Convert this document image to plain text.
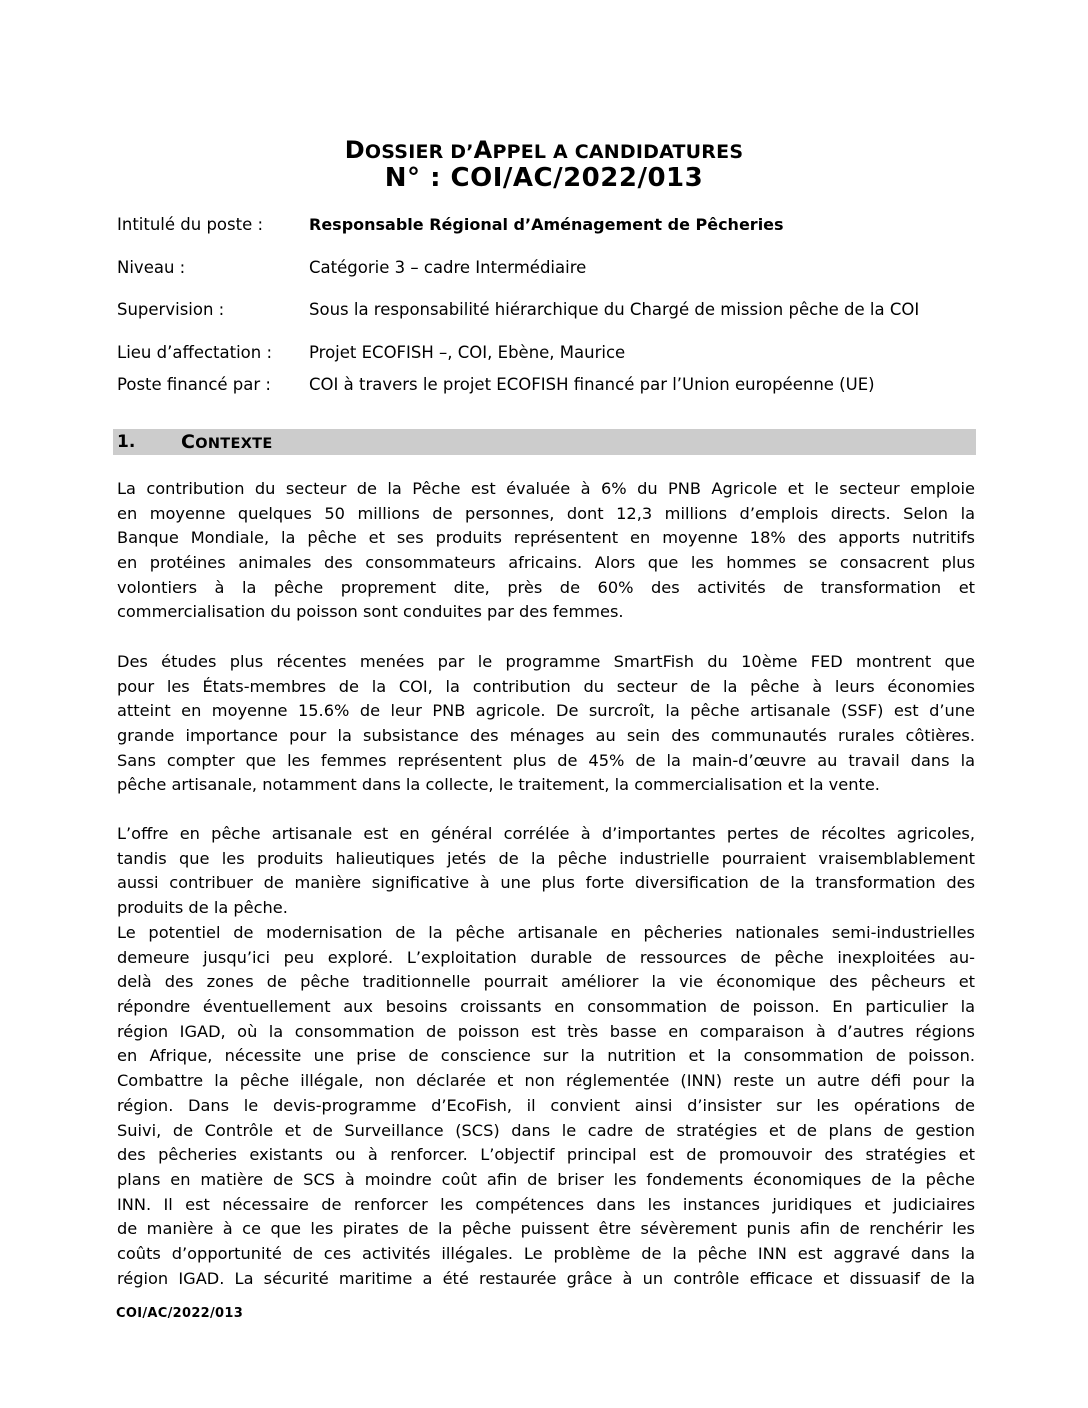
DOSSIER D’APPEL A CANDIDATURES
N° : COI/AC/2022/013
Intitulé du poste :	Responsable Régional d’Aménagement de Pêcheries
Niveau :	Catégorie 3 – cadre Intermédiaire
Supervision :	Sous la responsabilité hiérarchique du Chargé de mission pêche de la COI
Lieu d’affectation : Projet ECOFISH –, COI, Ebène, Maurice
Poste financé par : COI à travers le projet ECOFISH financé par l’Union européenne (UE)
1. CONTEXTE
La contribution du secteur de la Pêche est évaluée à 6% du PNB Agricole et le secteur emploie
en moyenne quelques 50 millions de personnes, dont 12,3 millions d’emplois directs. Selon la
Banque Mondiale, la pêche et ses produits représentent en moyenne 18% des apports nutritifs
en protéines animales des consommateurs africains. Alors que les hommes se consacrent plus
volontiers à la pêche proprement dite, près de 60% des activités de transformation et
commercialisation du poisson sont conduites par des femmes.
Des études plus récentes menées par le programme SmartFish du 10ème FED montrent que
pour les États-membres de la COI, la contribution du secteur de la pêche à leurs économies
atteint en moyenne 15.6% de leur PNB agricole. De surcroît, la pêche artisanale (SSF) est d’une
grande importance pour la subsistance des ménages au sein des communautés rurales côtières.
Sans compter que les femmes représentent plus de 45% de la main-d’œuvre au travail dans la
pêche artisanale, notamment dans la collecte, le traitement, la commercialisation et la vente.
L’offre en pêche artisanale est en général corrélée à d’importantes pertes de récoltes agricoles,
tandis que les produits halieutiques jetés de la pêche industrielle pourraient vraisemblablement
aussi contribuer de manière significative à une plus forte diversification de la transformation des
produits de la pêche.
Le potentiel de modernisation de la pêche artisanale en pêcheries nationales semi-industrielles
demeure jusqu’ici peu exploré. L’exploitation durable de ressources de pêche inexploitées au-
delà des zones de pêche traditionnelle pourrait améliorer la vie économique des pêcheurs et
répondre éventuellement aux besoins croissants en consommation de poisson. En particulier la
région IGAD, où la consommation de poisson est très basse en comparaison à d’autres régions
en Afrique, nécessite une prise de conscience sur la nutrition et la consommation de poisson.
Combattre la pêche illégale, non déclarée et non réglementée (INN) reste un autre défi pour la
région. Dans le devis-programme d’EcoFish, il convient ainsi d’insister sur les opérations de
Suivi, de Contrôle et de Surveillance (SCS) dans le cadre de stratégies et de plans de gestion
des pêcheries existants ou à renforcer. L’objectif principal est de promouvoir des stratégies et
plans en matière de SCS à moindre coût afin de briser les fondements économiques de la pêche
INN. Il est nécessaire de renforcer les compétences dans les instances juridiques et judiciaires
de manière à ce que les pirates de la pêche puissent être sévèrement punis afin de renchérir les
coûts d’opportunité de ces activités illégales. Le problème de la pêche INN est aggravé dans la
région IGAD. La sécurité maritime a été restaurée grâce à un contrôle efficace et dissuasif de la
COI/AC/2022/013
